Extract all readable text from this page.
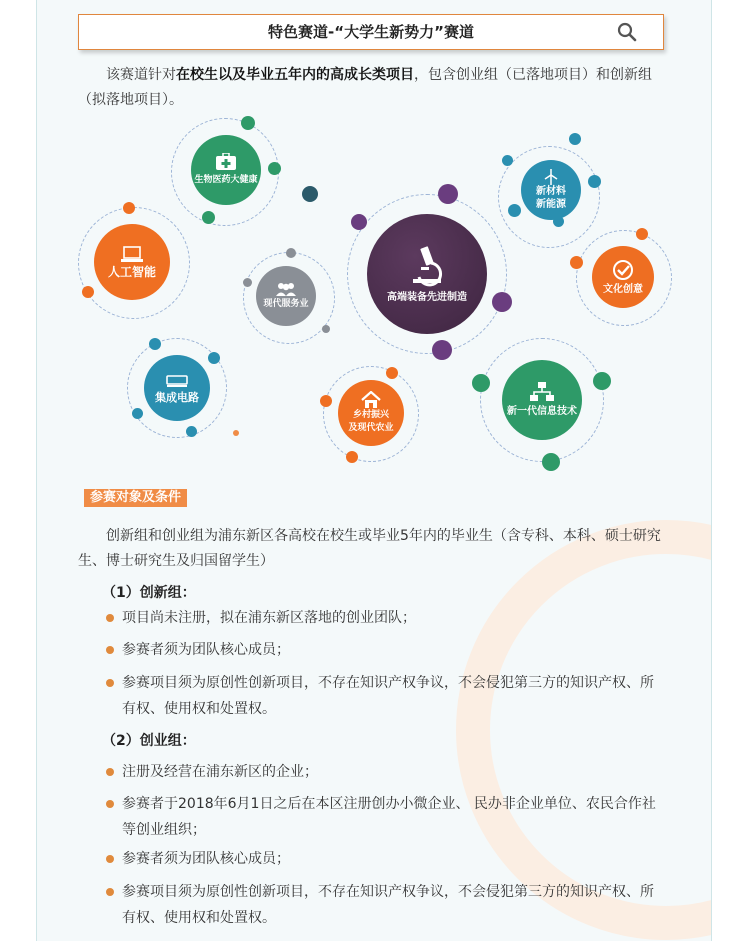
特色赛道-“大学生新势力”赛道

该赛道针对在校生以及毕业五年内的高成长类项目，包含创业组（已落地项目）和创新组（拟落地项目）。

生物医药大健康
新材料
新能源
人工智能
现代服务业
高端装备先进制造
文化创意
集成电路
乡村振兴
及现代农业
新一代信息技术
参赛对象及条件

创新组和创业组为浦东新区各高校在校生或毕业5年内的毕业生（含专科、本科、硕士研究生、博士研究生及归国留学生）

（1）创新组：
项目尚未注册，拟在浦东新区落地的创业团队；
参赛者须为团队核心成员；
参赛项目须为原创性创新项目，不存在知识产权争议，不会侵犯第三方的知识产权、所有权、使用权和处置权。
（2）创业组：
注册及经营在浦东新区的企业；
参赛者于2018年6月1日之后在本区注册创办小微企业、 民办非企业单位、农民合作社等创业组织；
参赛者须为团队核心成员；
参赛项目须为原创性创新项目，不存在知识产权争议，不会侵犯第三方的知识产权、所有权、使用权和处置权。
